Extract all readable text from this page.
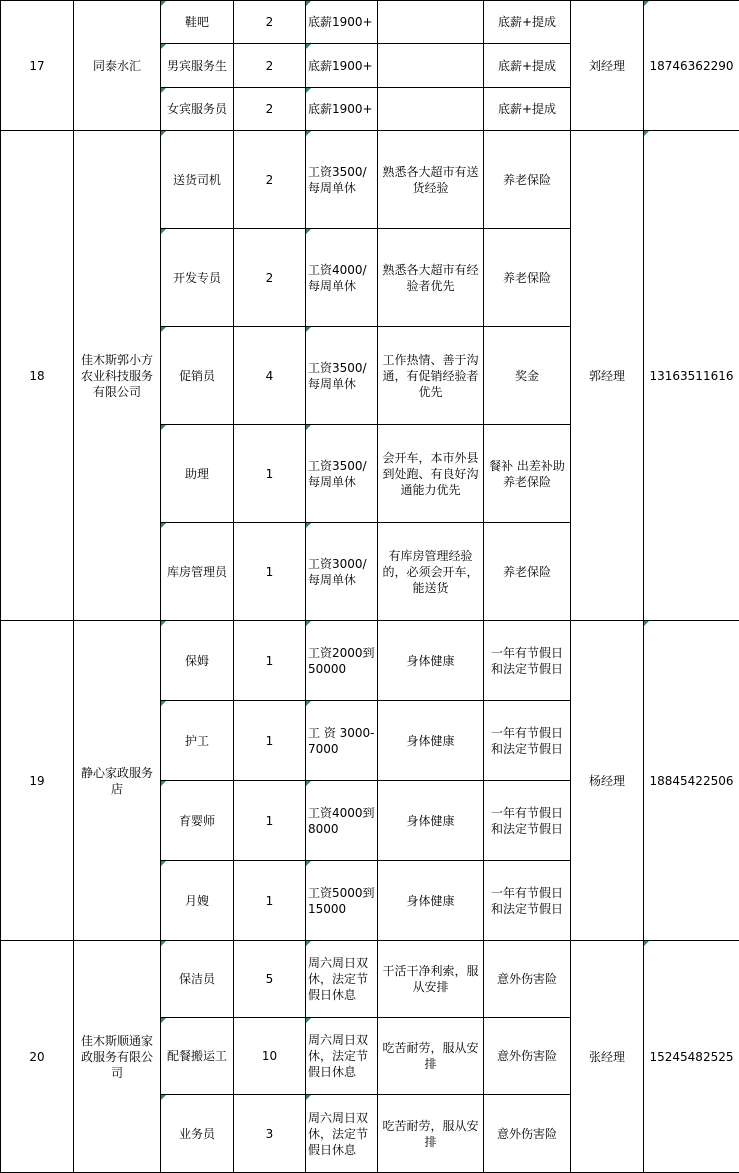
17	同泰水汇	鞋吧	2	底薪1900+		底薪+提成	刘经理	18746362290
		男宾服务生	2	底薪1900+		底薪+提成		
		女宾服务员	2	底薪1900+		底薪+提成		
18	佳木斯郭小方农业科技服务有限公司	送货司机	2	工资3500/每周单休	熟悉各大超市有送货经验	养老保险	郭经理	13163511616
		开发专员	2	工资4000/每周单休	熟悉各大超市有经验者优先	养老保险		
		促销员	4	工资3500/每周单休	工作热情、善于沟通，有促销经验者优先	奖金		
		助理	1	工资3500/每周单休	会开车，本市外县到处跑、有良好沟通能力优先	餐补 出差补助养老保险		
		库房管理员	1	工资3000/每周单休	有库房管理经验的，必须会开车，能送货	养老保险		
19	静心家政服务店	保姆	1	工资2000到50000	身体健康	一年有节假日和法定节假日	杨经理	18845422506
		护工	1	工 资 3000-7000	身体健康	一年有节假日和法定节假日		
		育婴师	1	工资4000到8000	身体健康	一年有节假日和法定节假日		
		月嫂	1	工资5000到15000	身体健康	一年有节假日和法定节假日		
20	佳木斯顺通家政服务有限公司	保洁员	5	周六周日双休，法定节假日休息	干活干净利索，服从安排	意外伤害险	张经理	15245482525
		配餐搬运工	10	周六周日双休，法定节假日休息	吃苦耐劳，服从安排	意外伤害险		
		业务员	3	周六周日双休，法定节假日休息	吃苦耐劳，服从安排	意外伤害险		
